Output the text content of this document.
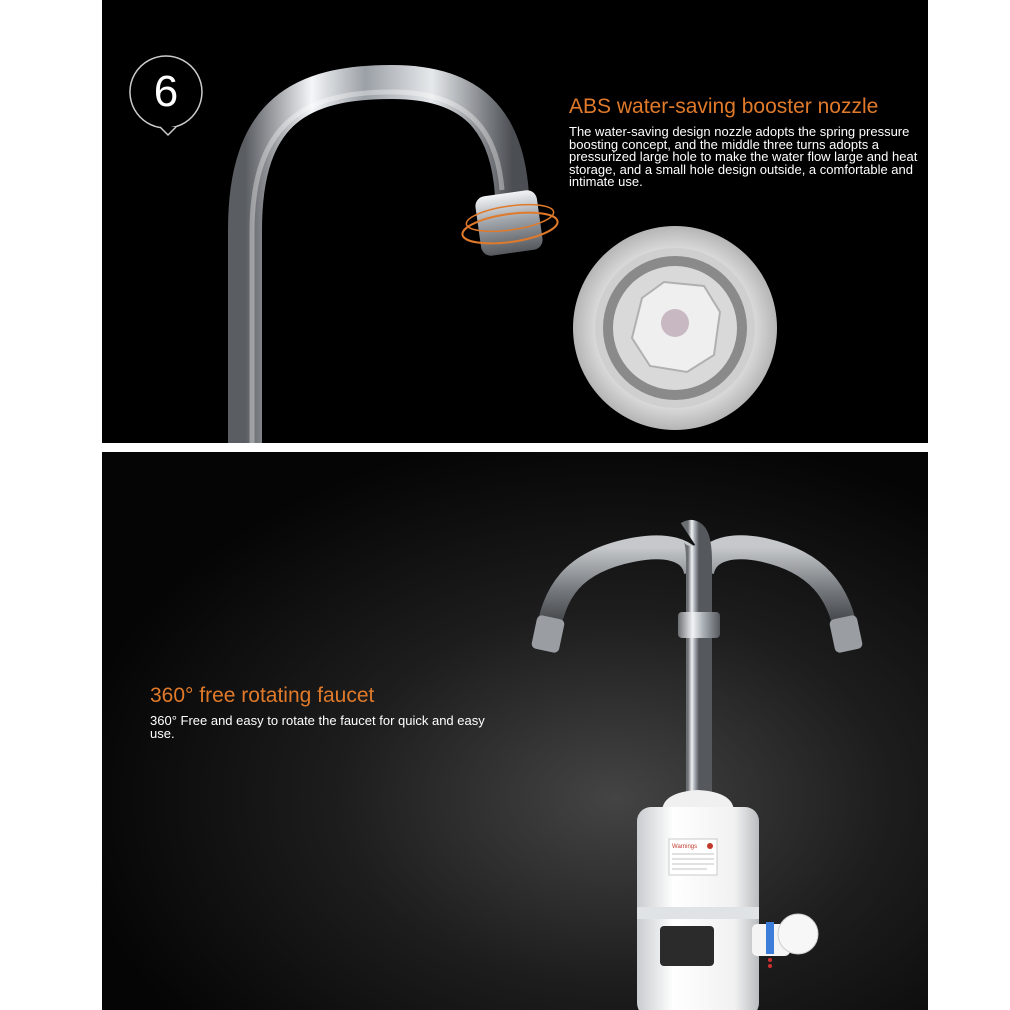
6	ABS water-saving booster nozzle
The water-saving design nozzle adopts the spring pressure boosting concept, and the middle three turns adopts a pressurized large hole to make the water flow large and heat storage, and a small hole design outside, a comfortable and intimate use.
Warnings
360° free rotating faucet
360° Free and easy to rotate the faucet for quick and easy use.
